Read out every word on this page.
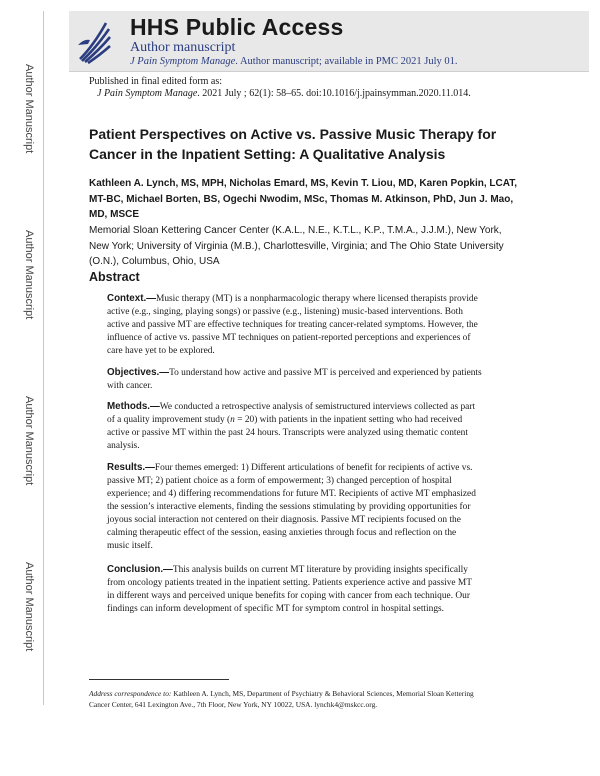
HHS Public Access
Author manuscript
J Pain Symptom Manage. Author manuscript; available in PMC 2021 July 01.
Author Manuscript
Author Manuscript
Author Manuscript
Author Manuscript
Published in final edited form as:
J Pain Symptom Manage. 2021 July ; 62(1): 58–65. doi:10.1016/j.jpainsymman.2020.11.014.
Patient Perspectives on Active vs. Passive Music Therapy for
Cancer in the Inpatient Setting: A Qualitative Analysis
Kathleen A. Lynch, MS, MPH, Nicholas Emard, MS, Kevin T. Liou, MD, Karen Popkin, LCAT,
MT-BC, Michael Borten, BS, Ogechi Nwodim, MSc, Thomas M. Atkinson, PhD, Jun J. Mao,
MD, MSCE
Memorial Sloan Kettering Cancer Center (K.A.L., N.E., K.T.L., K.P., T.M.A., J.J.M.), New York,
New York; University of Virginia (M.B.), Charlottesville, Virginia; and The Ohio State University
(O.N.), Columbus, Ohio, USA
Abstract
Context.—Music therapy (MT) is a nonpharmacologic therapy where licensed therapists provide
active (e.g., singing, playing songs) or passive (e.g., listening) music-based interventions. Both
active and passive MT are effective techniques for treating cancer-related symptoms. However, the
influence of active vs. passive MT techniques on patient-reported perceptions and experiences of
care have yet to be explored.
Objectives.—To understand how active and passive MT is perceived and experienced by patients
with cancer.
Methods.—We conducted a retrospective analysis of semistructured interviews collected as part
of a quality improvement study (n = 20) with patients in the inpatient setting who had received
active or passive MT within the past 24 hours. Transcripts were analyzed using thematic content
analysis.
Results.—Four themes emerged: 1) Different articulations of benefit for recipients of active vs.
passive MT; 2) patient choice as a form of empowerment; 3) changed perception of hospital
experience; and 4) differing recommendations for future MT. Recipients of active MT emphasized
the session’s interactive elements, finding the sessions stimulating by providing opportunities for
joyous social interaction not centered on their diagnosis. Passive MT recipients focused on the
calming therapeutic effect of the session, easing anxieties through focus and reflection on the
music itself.
Conclusion.—This analysis builds on current MT literature by providing insights specifically
from oncology patients treated in the inpatient setting. Patients experience active and passive MT
in different ways and perceived unique benefits for coping with cancer from each technique. Our
findings can inform development of specific MT for symptom control in hospital settings.
Address correspondence to: Kathleen A. Lynch, MS, Department of Psychiatry & Behavioral Sciences, Memorial Sloan Kettering
Cancer Center, 641 Lexington Ave., 7th Floor, New York, NY 10022, USA. lynchk4@mskcc.org.
